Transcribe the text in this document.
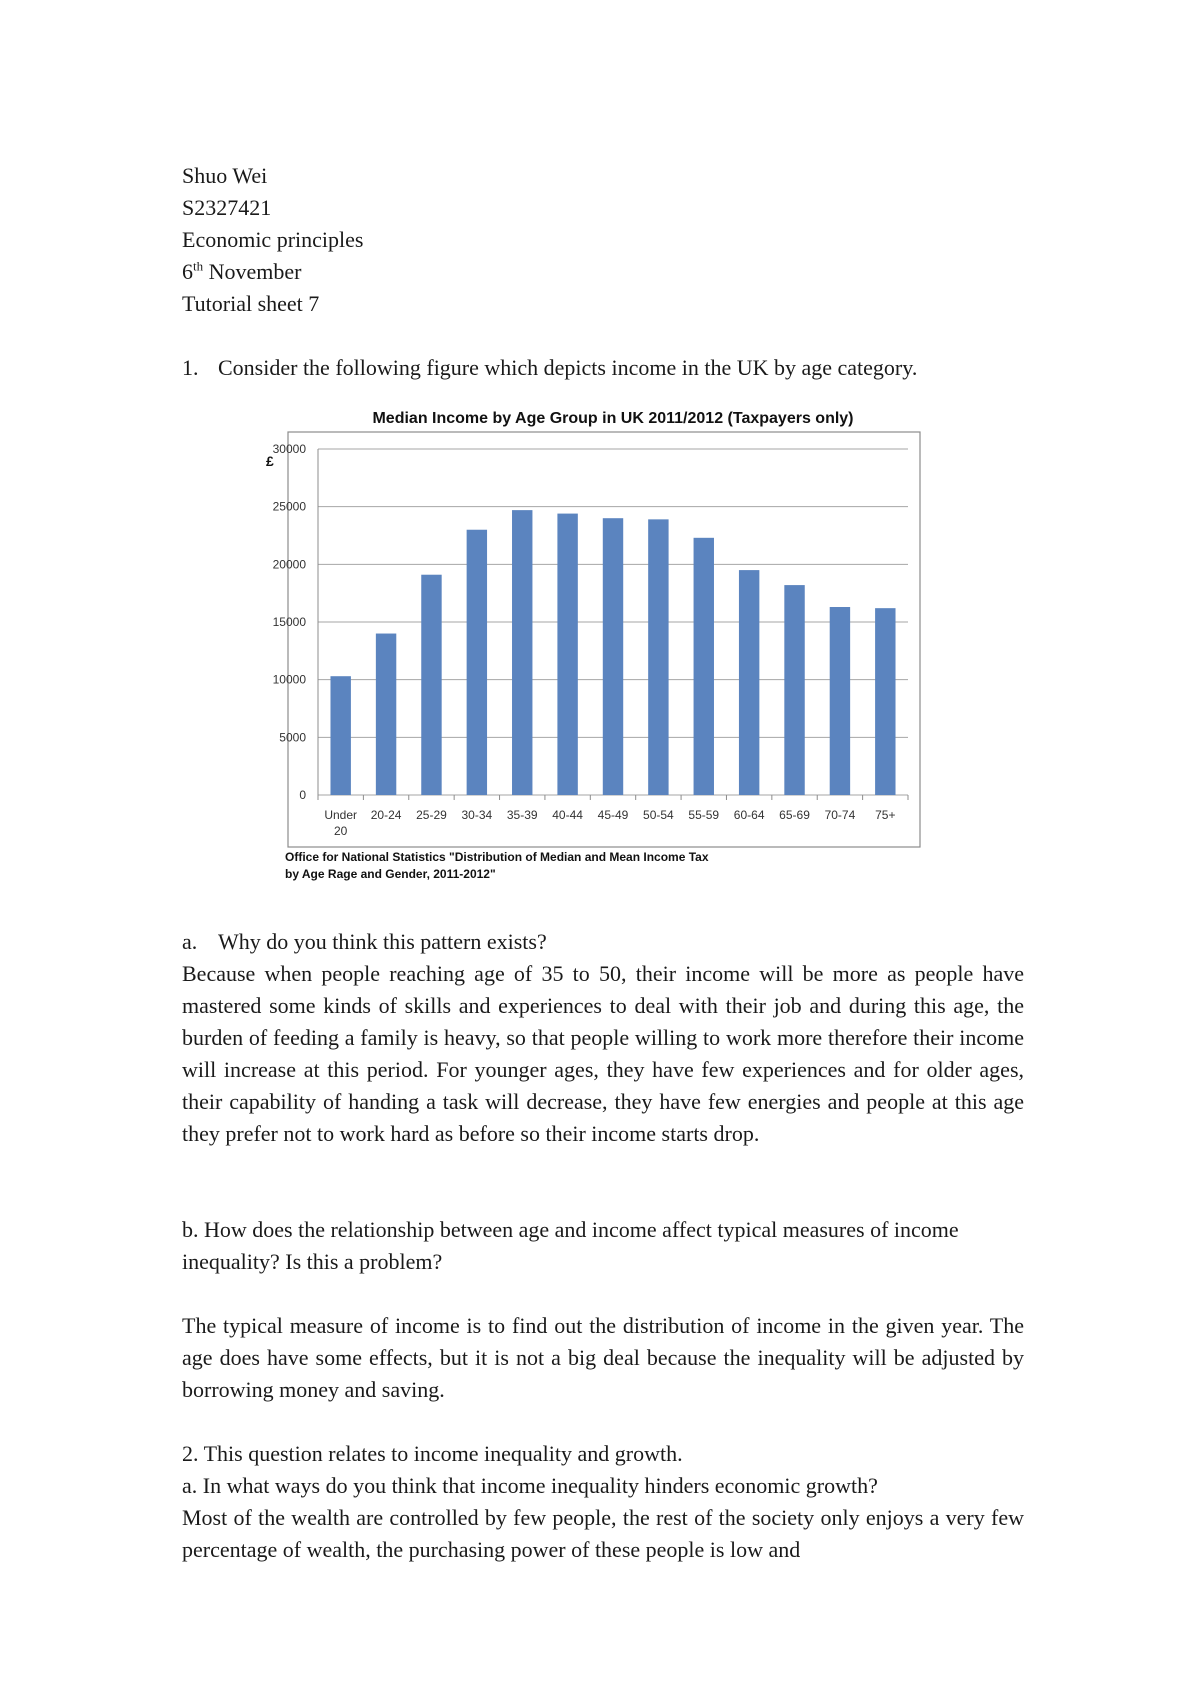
Shuo Wei
S2327421
Economic principles
6th November
Tutorial sheet 7
1. Consider the following figure which depicts income in the UK by age category.
Median Income by Age Group in UK 2011/2012 (Taxpayers only)
£
0
5000
10000
15000
20000
25000
30000
Under 20
20-24 25-29 30-34 35-39 40-44 45-49 50-54 55-59 60-64 65-69 70-74 75+
Office for National Statistics "Distribution of Median and Mean Income Tax
by Age Rage and Gender, 2011-2012"
a. Why do you think this pattern exists?
Because when people reaching age of 35 to 50, their income will be more as people have mastered some kinds of skills and experiences to deal with their job and during this age, the burden of feeding a family is heavy, so that people willing to work more therefore their income will increase at this period. For younger ages, they have few experiences and for older ages, their capability of handing a task will decrease, they have few energies and people at this age they prefer not to work hard as before so their income starts drop.
b. How does the relationship between age and income affect typical measures of income
inequality? Is this a problem?
The typical measure of income is to find out the distribution of income in the given year. The age does have some effects, but it is not a big deal because the inequality will be adjusted by borrowing money and saving.
2. This question relates to income inequality and growth.
a. In what ways do you think that income inequality hinders economic growth?
Most of the wealth are controlled by few people, the rest of the society only enjoys a very few percentage of wealth, the purchasing power of these people is low and
